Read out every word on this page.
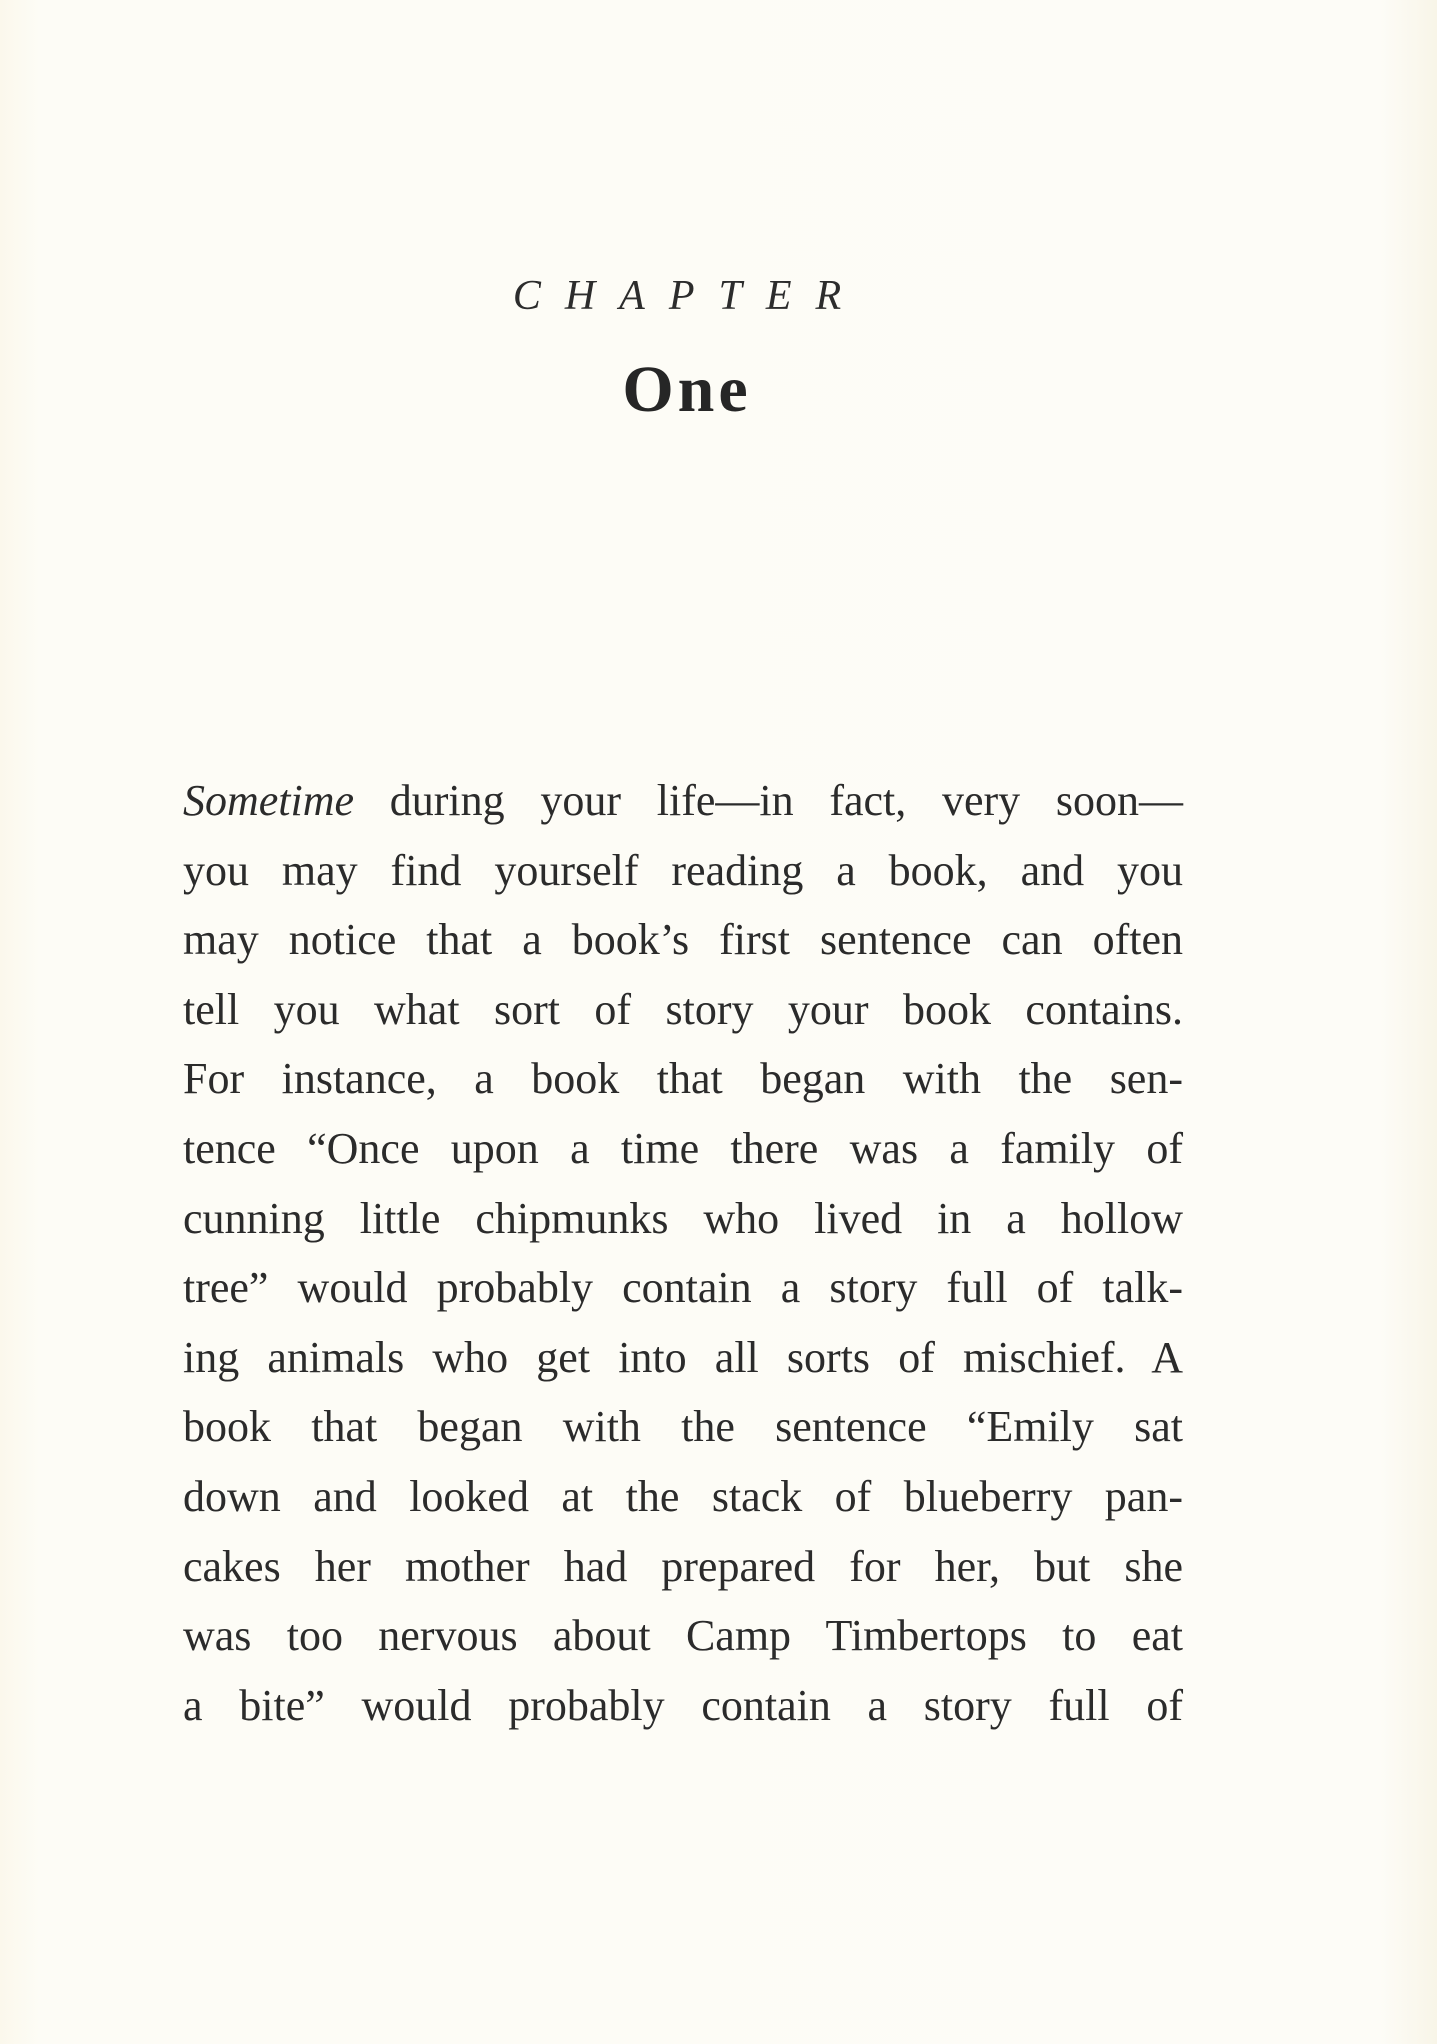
CHAPTER
One
Sometime during your life—in fact, very soon—
you may find yourself reading a book, and you
may notice that a book’s first sentence can often
tell you what sort of story your book contains.
For instance, a book that began with the sen-
tence “Once upon a time there was a family of
cunning little chipmunks who lived in a hollow
tree” would probably contain a story full of talk-
ing animals who get into all sorts of mischief. A
book that began with the sentence “Emily sat
down and looked at the stack of blueberry pan-
cakes her mother had prepared for her, but she
was too nervous about Camp Timbertops to eat
a bite” would probably contain a story full of
